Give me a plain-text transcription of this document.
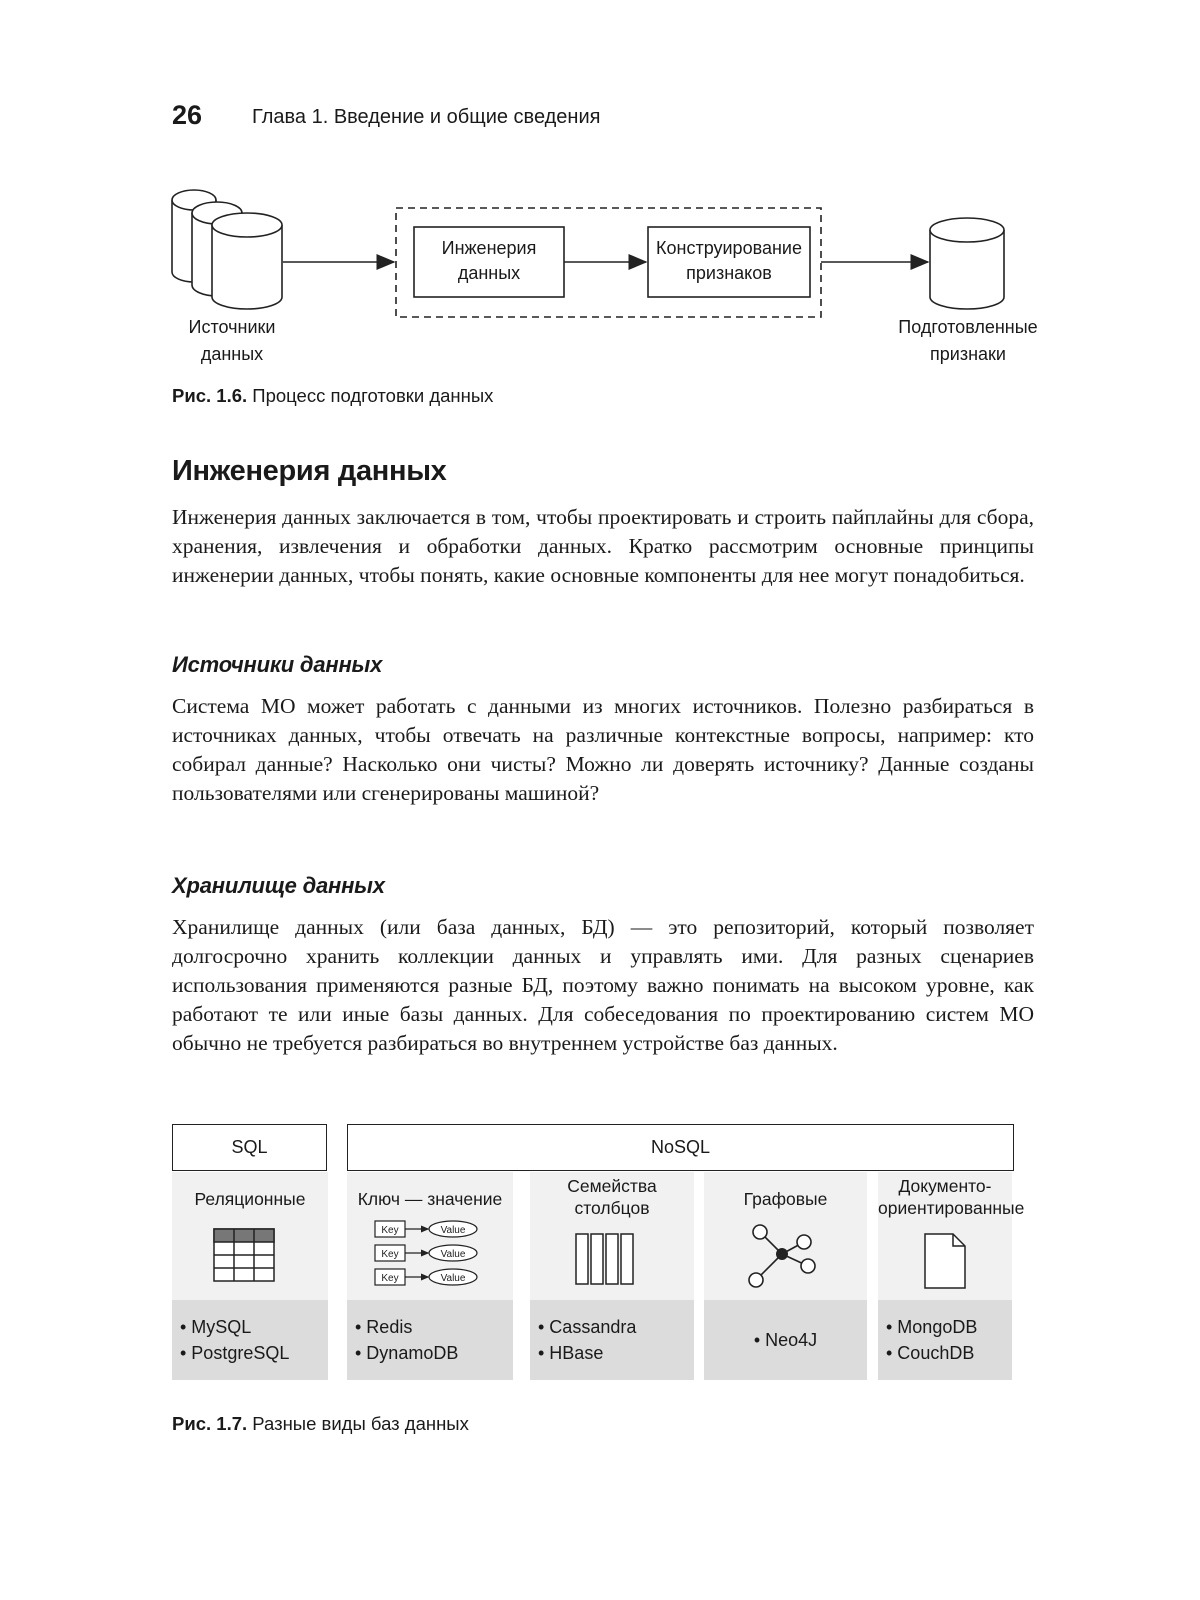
26 Глава 1. Введение и общие сведения
Инженерия
данных
Конструирование
признаков
Источники
данных
Подготовленные
признаки
Рис. 1.6. Процесс подготовки данных
Инженерия данных

Инженерия данных заключается в том, чтобы проектировать и строить пайплайны для сбора, хранения, извлечения и обработки данных. Кратко рассмотрим основные принципы инженерии данных, чтобы понять, какие основные компоненты для нее могут понадобиться.

Источники данных

Система МО может работать с данными из многих источников. Полезно разбираться в источниках данных, чтобы отвечать на различные контекстные вопросы, например: кто собирал данные? Насколько они чисты? Можно ли доверять источнику? Данные созданы пользователями или сгенерированы машиной?

Хранилище данных

Хранилище данных (или база данных, БД) — это репозиторий, который позволяет долгосрочно хранить коллекции данных и управлять ими. Для разных сценариев использования применяются разные БД, поэтому важно понимать на высоком уровне, как работают те или иные базы данных. Для собеседования по проектированию систем МО обычно не требуется разбираться во внутреннем устройстве баз данных.

SQL	NoSQL
Реляционные
• MySQL
• PostgreSQL
Ключ — значение
Key	Value
Key	Value
Key	Value
• Redis
• DynamoDB
Семейства
столбцов
• Cassandra
• HBase
Графовые
• Neo4J
Документо-
ориентированные
• MongoDB
• CouchDB
Рис. 1.7. Разные виды баз данных
